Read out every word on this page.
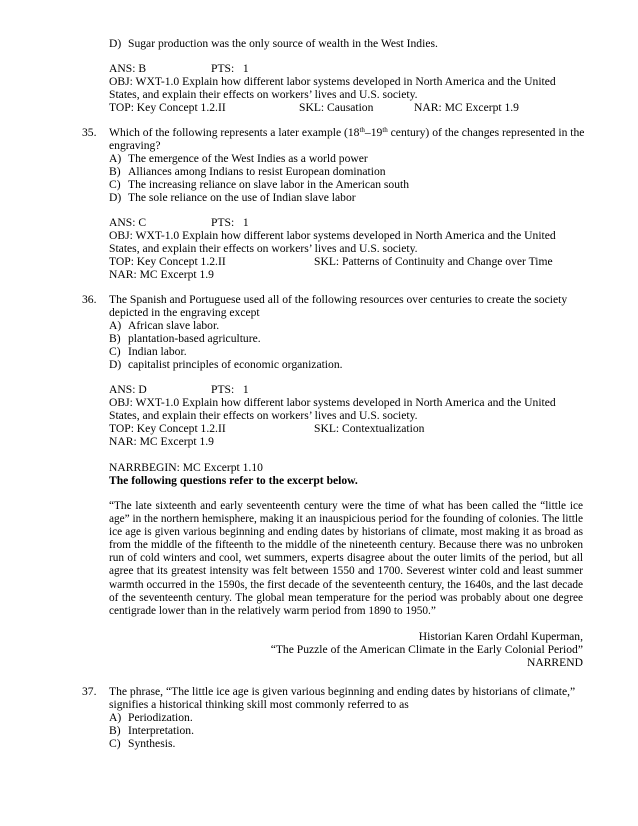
D) Sugar production was the only source of wealth in the West Indies.
ANS: B	PTS: 1
OBJ: WXT-1.0 Explain how different labor systems developed in North America and the United
States, and explain their effects on workers’ lives and U.S. society.
TOP: Key Concept 1.2.II	SKL: Causation	NAR: MC Excerpt 1.9
35. Which of the following represents a later example (18th–19th century) of the changes represented in the
engraving?
A) The emergence of the West Indies as a world power
B) Alliances among Indians to resist European domination
C) The increasing reliance on slave labor in the American south
D) The sole reliance on the use of Indian slave labor
ANS: C	PTS: 1
OBJ: WXT-1.0 Explain how different labor systems developed in North America and the United
States, and explain their effects on workers’ lives and U.S. society.
TOP: Key Concept 1.2.II	SKL: Patterns of Continuity and Change over Time
NAR: MC Excerpt 1.9
36. The Spanish and Portuguese used all of the following resources over centuries to create the society
depicted in the engraving except
A) African slave labor.
B) plantation-based agriculture.
C) Indian labor.
D) capitalist principles of economic organization.
ANS: D	PTS: 1
OBJ: WXT-1.0 Explain how different labor systems developed in North America and the United
States, and explain their effects on workers’ lives and U.S. society.
TOP: Key Concept 1.2.II	SKL: Contextualization
NAR: MC Excerpt 1.9
NARRBEGIN: MC Excerpt 1.10
The following questions refer to the excerpt below.
“The late sixteenth and early seventeenth century were the time of what has been called the “little ice age” in the northern hemisphere, making it an inauspicious period for the founding of colonies. The little ice age is given various beginning and ending dates by historians of climate, most making it as broad as from the middle of the fifteenth to the middle of the nineteenth century. Because there was no unbroken run of cold winters and cool, wet summers, experts disagree about the outer limits of the period, but all agree that its greatest intensity was felt between 1550 and 1700. Severest winter cold and least summer warmth occurred in the 1590s, the first decade of the seventeenth century, the 1640s, and the last decade of the seventeenth century. The global mean temperature for the period was probably about one degree centigrade lower than in the relatively warm period from 1890 to 1950.”
Historian Karen Ordahl Kuperman,
“The Puzzle of the American Climate in the Early Colonial Period”
NARREND
37. The phrase, “The little ice age is given various beginning and ending dates by historians of climate,”
signifies a historical thinking skill most commonly referred to as
A) Periodization.
B) Interpretation.
C) Synthesis.
